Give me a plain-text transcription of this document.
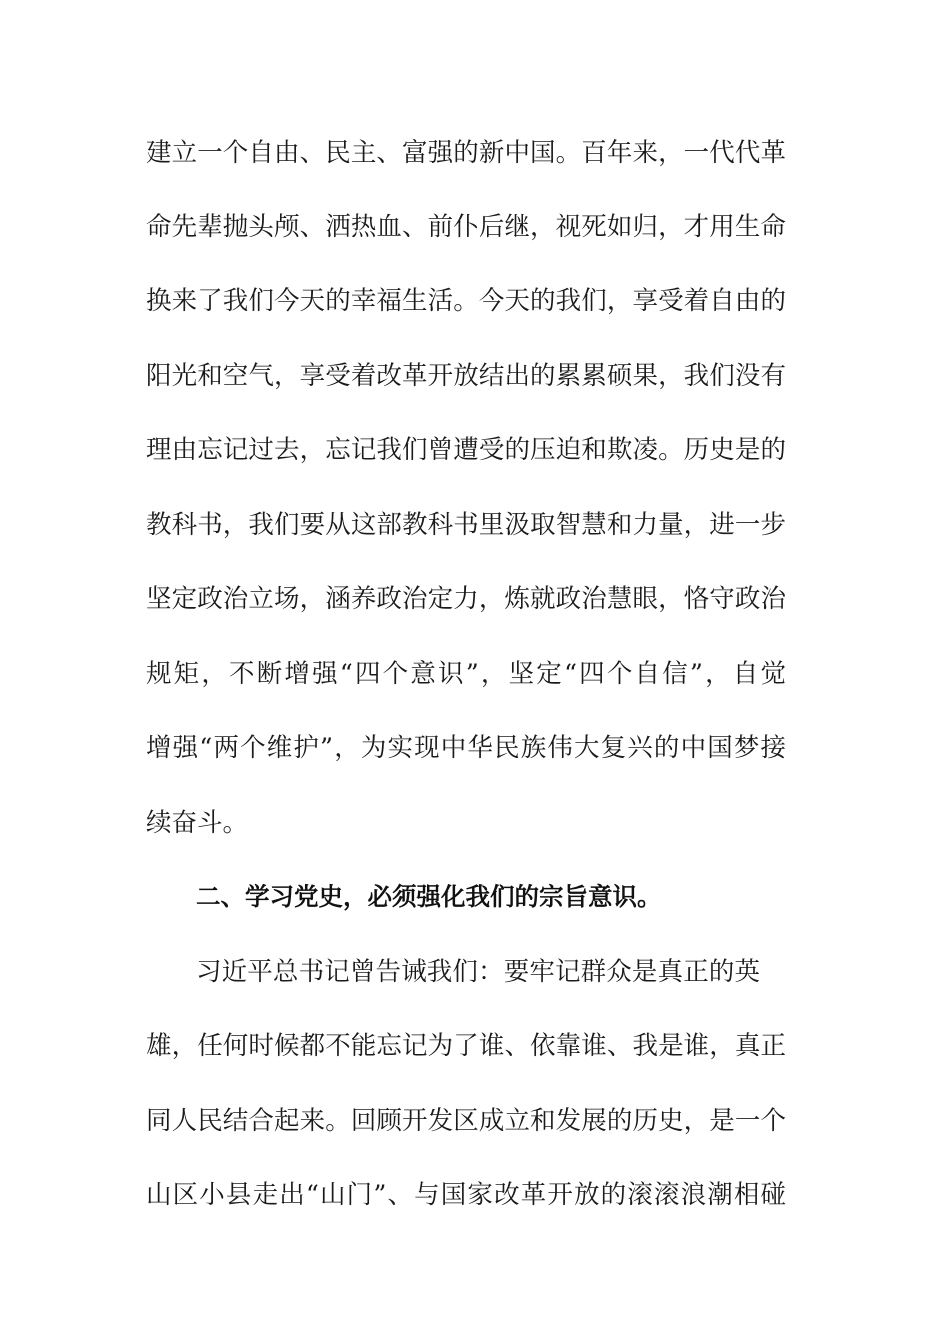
建立一个自由、民主、富强的新中国。百年来，一代代革
命先辈抛头颅、洒热血、前仆后继，视死如归，才用生命
换来了我们今天的幸福生活。今天的我们，享受着自由的
阳光和空气，享受着改革开放结出的累累硕果，我们没有
理由忘记过去，忘记我们曾遭受的压迫和欺凌。历史是的
教科书，我们要从这部教科书里汲取智慧和力量，进一步
坚定政治立场，涵养政治定力，炼就政治慧眼，恪守政治
规矩，不断增强“四个意识”，坚定“四个自信”，自觉
增强“两个维护”，为实现中华民族伟大复兴的中国梦接
续奋斗。
二、学习党史，必须强化我们的宗旨意识。
习近平总书记曾告诫我们：要牢记群众是真正的英
雄，任何时候都不能忘记为了谁、依靠谁、我是谁，真正
同人民结合起来。回顾开发区成立和发展的历史，是一个
山区小县走出“山门”、与国家改革开放的滚滚浪潮相碰
